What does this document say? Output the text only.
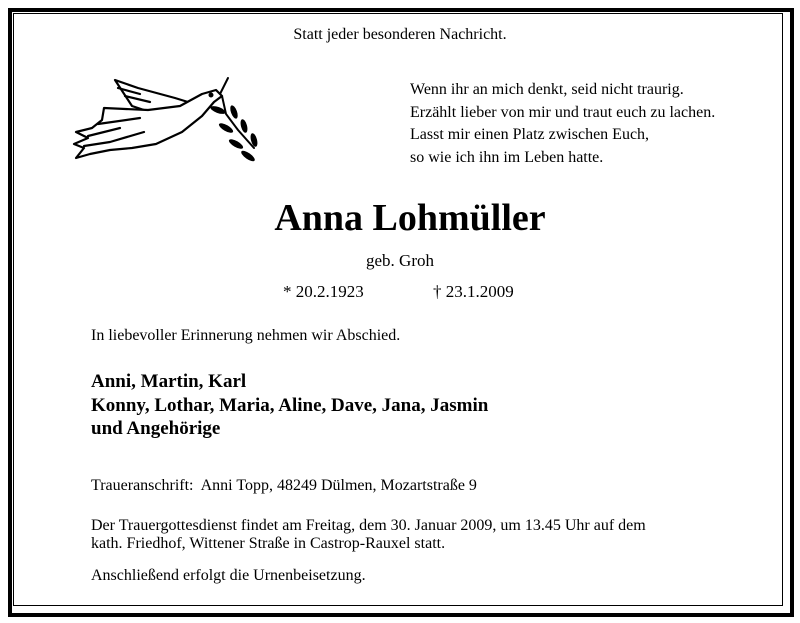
Statt jeder besonderen Nachricht.
Wenn ihr an mich denkt, seid nicht traurig.
Erzählt lieber von mir und traut euch zu lachen.
Lasst mir einen Platz zwischen Euch,
so wie ich ihn im Leben hatte.
Anna Lohmüller
geb. Groh
* 20.2.1923	† 23.1.2009
In liebevoller Erinnerung nehmen wir Abschied.
Anni, Martin, Karl
Konny, Lothar, Maria, Aline, Dave, Jana, Jasmin
und Angehörige
Traueranschrift:  Anni Topp, 48249 Dülmen, Mozartstraße 9
Der Trauergottesdienst findet am Freitag, dem 30. Januar 2009, um 13.45 Uhr auf dem
kath. Friedhof, Wittener Straße in Castrop-Rauxel statt.
Anschließend erfolgt die Urnenbeisetzung.
